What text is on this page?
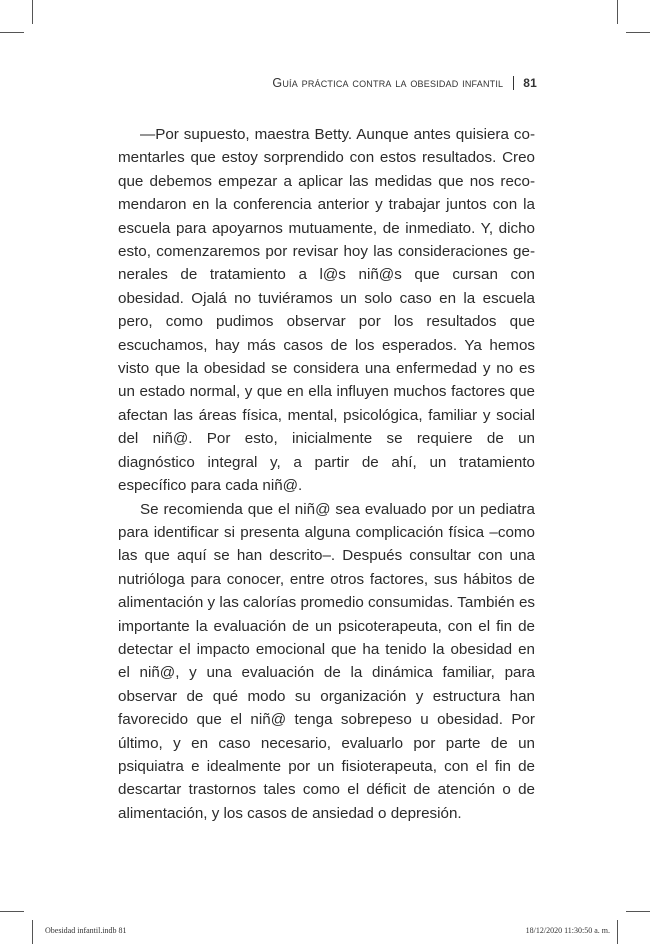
Guía práctica contra la obesidad infantil 81

—Por supuesto, maestra Betty. Aunque antes quisiera comentarles que estoy sorprendido con estos resultados. Creo que debemos empezar a aplicar las medidas que nos recomendaron en la conferencia anterior y trabajar juntos con la escuela para apoyarnos mutuamente, de inmediato. Y, dicho esto, comenzaremos por revisar hoy las consideraciones generales de tratamiento a l@s niñ@s que cursan con obesidad. Ojalá no tuviéramos un solo caso en la escuela pero, como pudimos observar por los resultados que escuchamos, hay más casos de los esperados. Ya hemos visto que la obesidad se considera una enfermedad y no es un estado normal, y que en ella influyen muchos factores que afectan las áreas física, mental, psicológica, familiar y social del niñ@. Por esto, inicialmente se requiere de un diagnóstico integral y, a partir de ahí, un tratamiento específico para cada niñ@.

Se recomienda que el niñ@ sea evaluado por un pediatra para identificar si presenta alguna complicación física –como las que aquí se han descrito–. Después consultar con una nutrióloga para conocer, entre otros factores, sus hábitos de alimentación y las calorías promedio consumidas. También es importante la evaluación de un psicoterapeuta, con el fin de detectar el impacto emocional que ha tenido la obesidad en el niñ@, y una evaluación de la dinámica familiar, para observar de qué modo su organización y estructura han favorecido que el niñ@ tenga sobrepeso u obesidad. Por último, y en caso necesario, evaluarlo por parte de un psiquiatra e idealmente por un fisioterapeuta, con el fin de descartar trastornos tales como el déficit de atención o de alimentación, y los casos de ansiedad o depresión.

Obesidad infantil.indb 81	18/12/2020 11:30:50 a. m.
